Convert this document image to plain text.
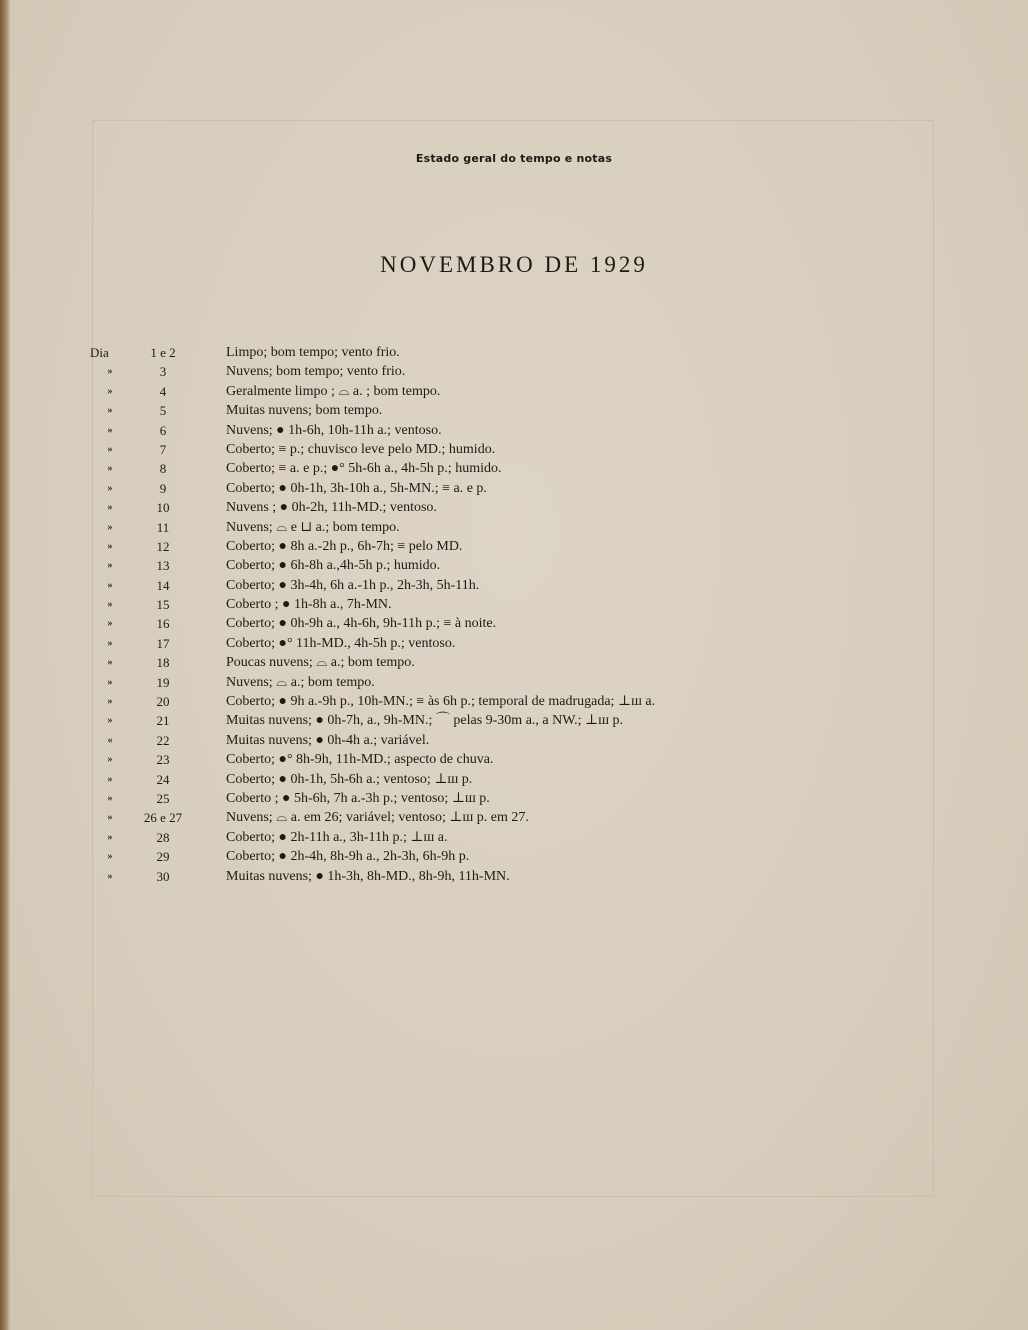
Estado geral do tempo e notas
NOVEMBRO DE 1929
Dia	1 e 2	Limpo; bom tempo; vento frio.
»	3	Nuvens; bom tempo; vento frio.
»	4	Geralmente limpo ; ⌓ a. ; bom tempo.
»	5	Muitas nuvens; bom tempo.
»	6	Nuvens; ● 1h-6h, 10h-11h a.; ventoso.
»	7	Coberto; ≡ p.; chuvisco leve pelo MD.; humido.
»	8	Coberto; ≡ a. e p.; ●° 5h-6h a., 4h-5h p.; humido.
»	9	Coberto; ● 0h-1h, 3h-10h a., 5h-MN.; ≡ a. e p.
»	10	Nuvens ; ● 0h-2h, 11h-MD.; ventoso.
»	11	Nuvens; ⌓ e ⊔ a.; bom tempo.
»	12	Coberto; ● 8h a.-2h p., 6h-7h; ≡ pelo MD.
»	13	Coberto; ● 6h-8h a.,4h-5h p.; humido.
»	14	Coberto; ● 3h-4h, 6h a.-1h p., 2h-3h, 5h-11h.
»	15	Coberto ; ● 1h-8h a., 7h-MN.
»	16	Coberto; ● 0h-9h a., 4h-6h, 9h-11h p.; ≡ à noite.
»	17	Coberto; ●° 11h-MD., 4h-5h p.; ventoso.
»	18	Poucas nuvens; ⌓ a.; bom tempo.
»	19	Nuvens; ⌓ a.; bom tempo.
»	20	Coberto; ● 9h a.-9h p., 10h-MN.; ≡ às 6h p.; temporal de madrugada; ⊥ш a.
»	21	Muitas nuvens; ● 0h-7h, a., 9h-MN.; ⌒ pelas 9-30m a., a NW.; ⊥ш p.
«	22	Muitas nuvens; ● 0h-4h a.; variável.
»	23	Coberto; ●° 8h-9h, 11h-MD.; aspecto de chuva.
»	24	Coberto; ● 0h-1h, 5h-6h a.; ventoso; ⊥ш p.
»	25	Coberto ; ● 5h-6h, 7h a.-3h p.; ventoso; ⊥ш p.
»	26 e 27	Nuvens; ⌓ a. em 26; variável; ventoso; ⊥ш p. em 27.
»	28	Coberto; ● 2h-11h a., 3h-11h p.; ⊥ш a.
»	29	Coberto; ● 2h-4h, 8h-9h a., 2h-3h, 6h-9h p.
»	30	Muitas nuvens; ● 1h-3h, 8h-MD., 8h-9h, 11h-MN.
